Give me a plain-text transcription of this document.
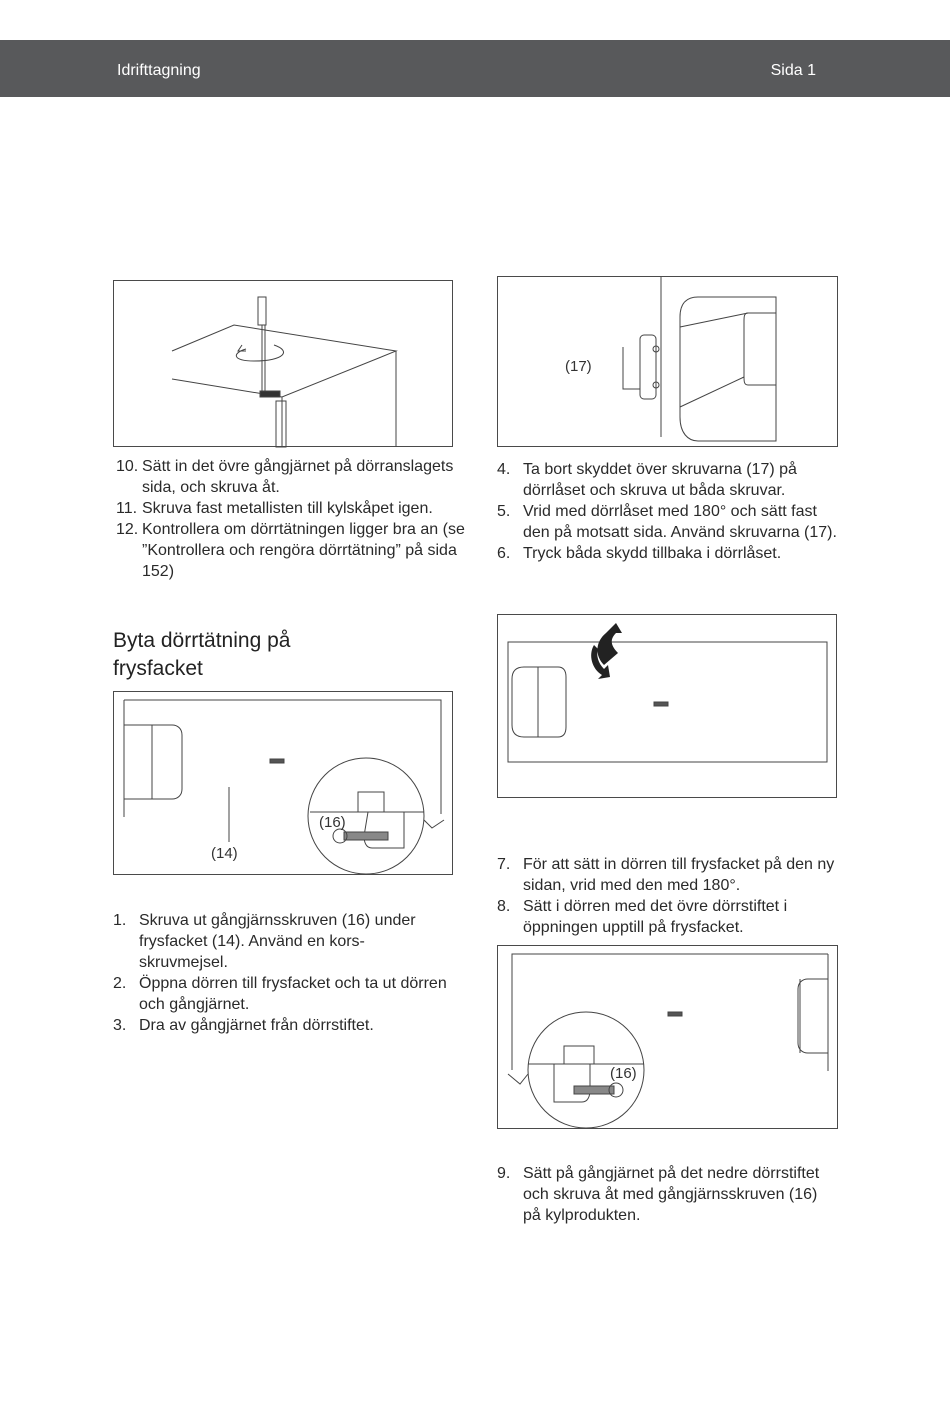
Idrifttagning	Sida 1
(17)
10. Sätt in det övre gångjärnet på dörranslagets sida, och skruva åt.
11. Skruva fast metallisten till kylskåpet igen.
12. Kontrollera om dörrtätningen ligger bra an (se ”Kontrollera och rengöra dörrtätning” på sida 152)
4. Ta bort skyddet över skruvarna (17) på dörrlåset och skruva ut båda skruvar.
5. Vrid med dörrlåset med 180° och sätt fast den på motsatt sida. Använd skruvarna (17).
6. Tryck båda skydd tillbaka i dörrlåset.
Byta dörrtätning på
frysfacket
(16)
(14)
7. För att sätt in dörren till frysfacket på den ny sidan, vrid med den med 180°.
8. Sätt i dörren med det övre dörrstiftet i öppningen upptill på frysfacket.
1. Skruva ut gångjärnsskruven (16) under frysfacket (14). Använd en kors-skruvmejsel.
2. Öppna dörren till frysfacket och ta ut dörren och gångjärnet.
3. Dra av gångjärnet från dörrstiftet.
(16)
9. Sätt på gångjärnet på det nedre dörrstiftet och skruva åt med gångjärnsskruven (16) på kylprodukten.
